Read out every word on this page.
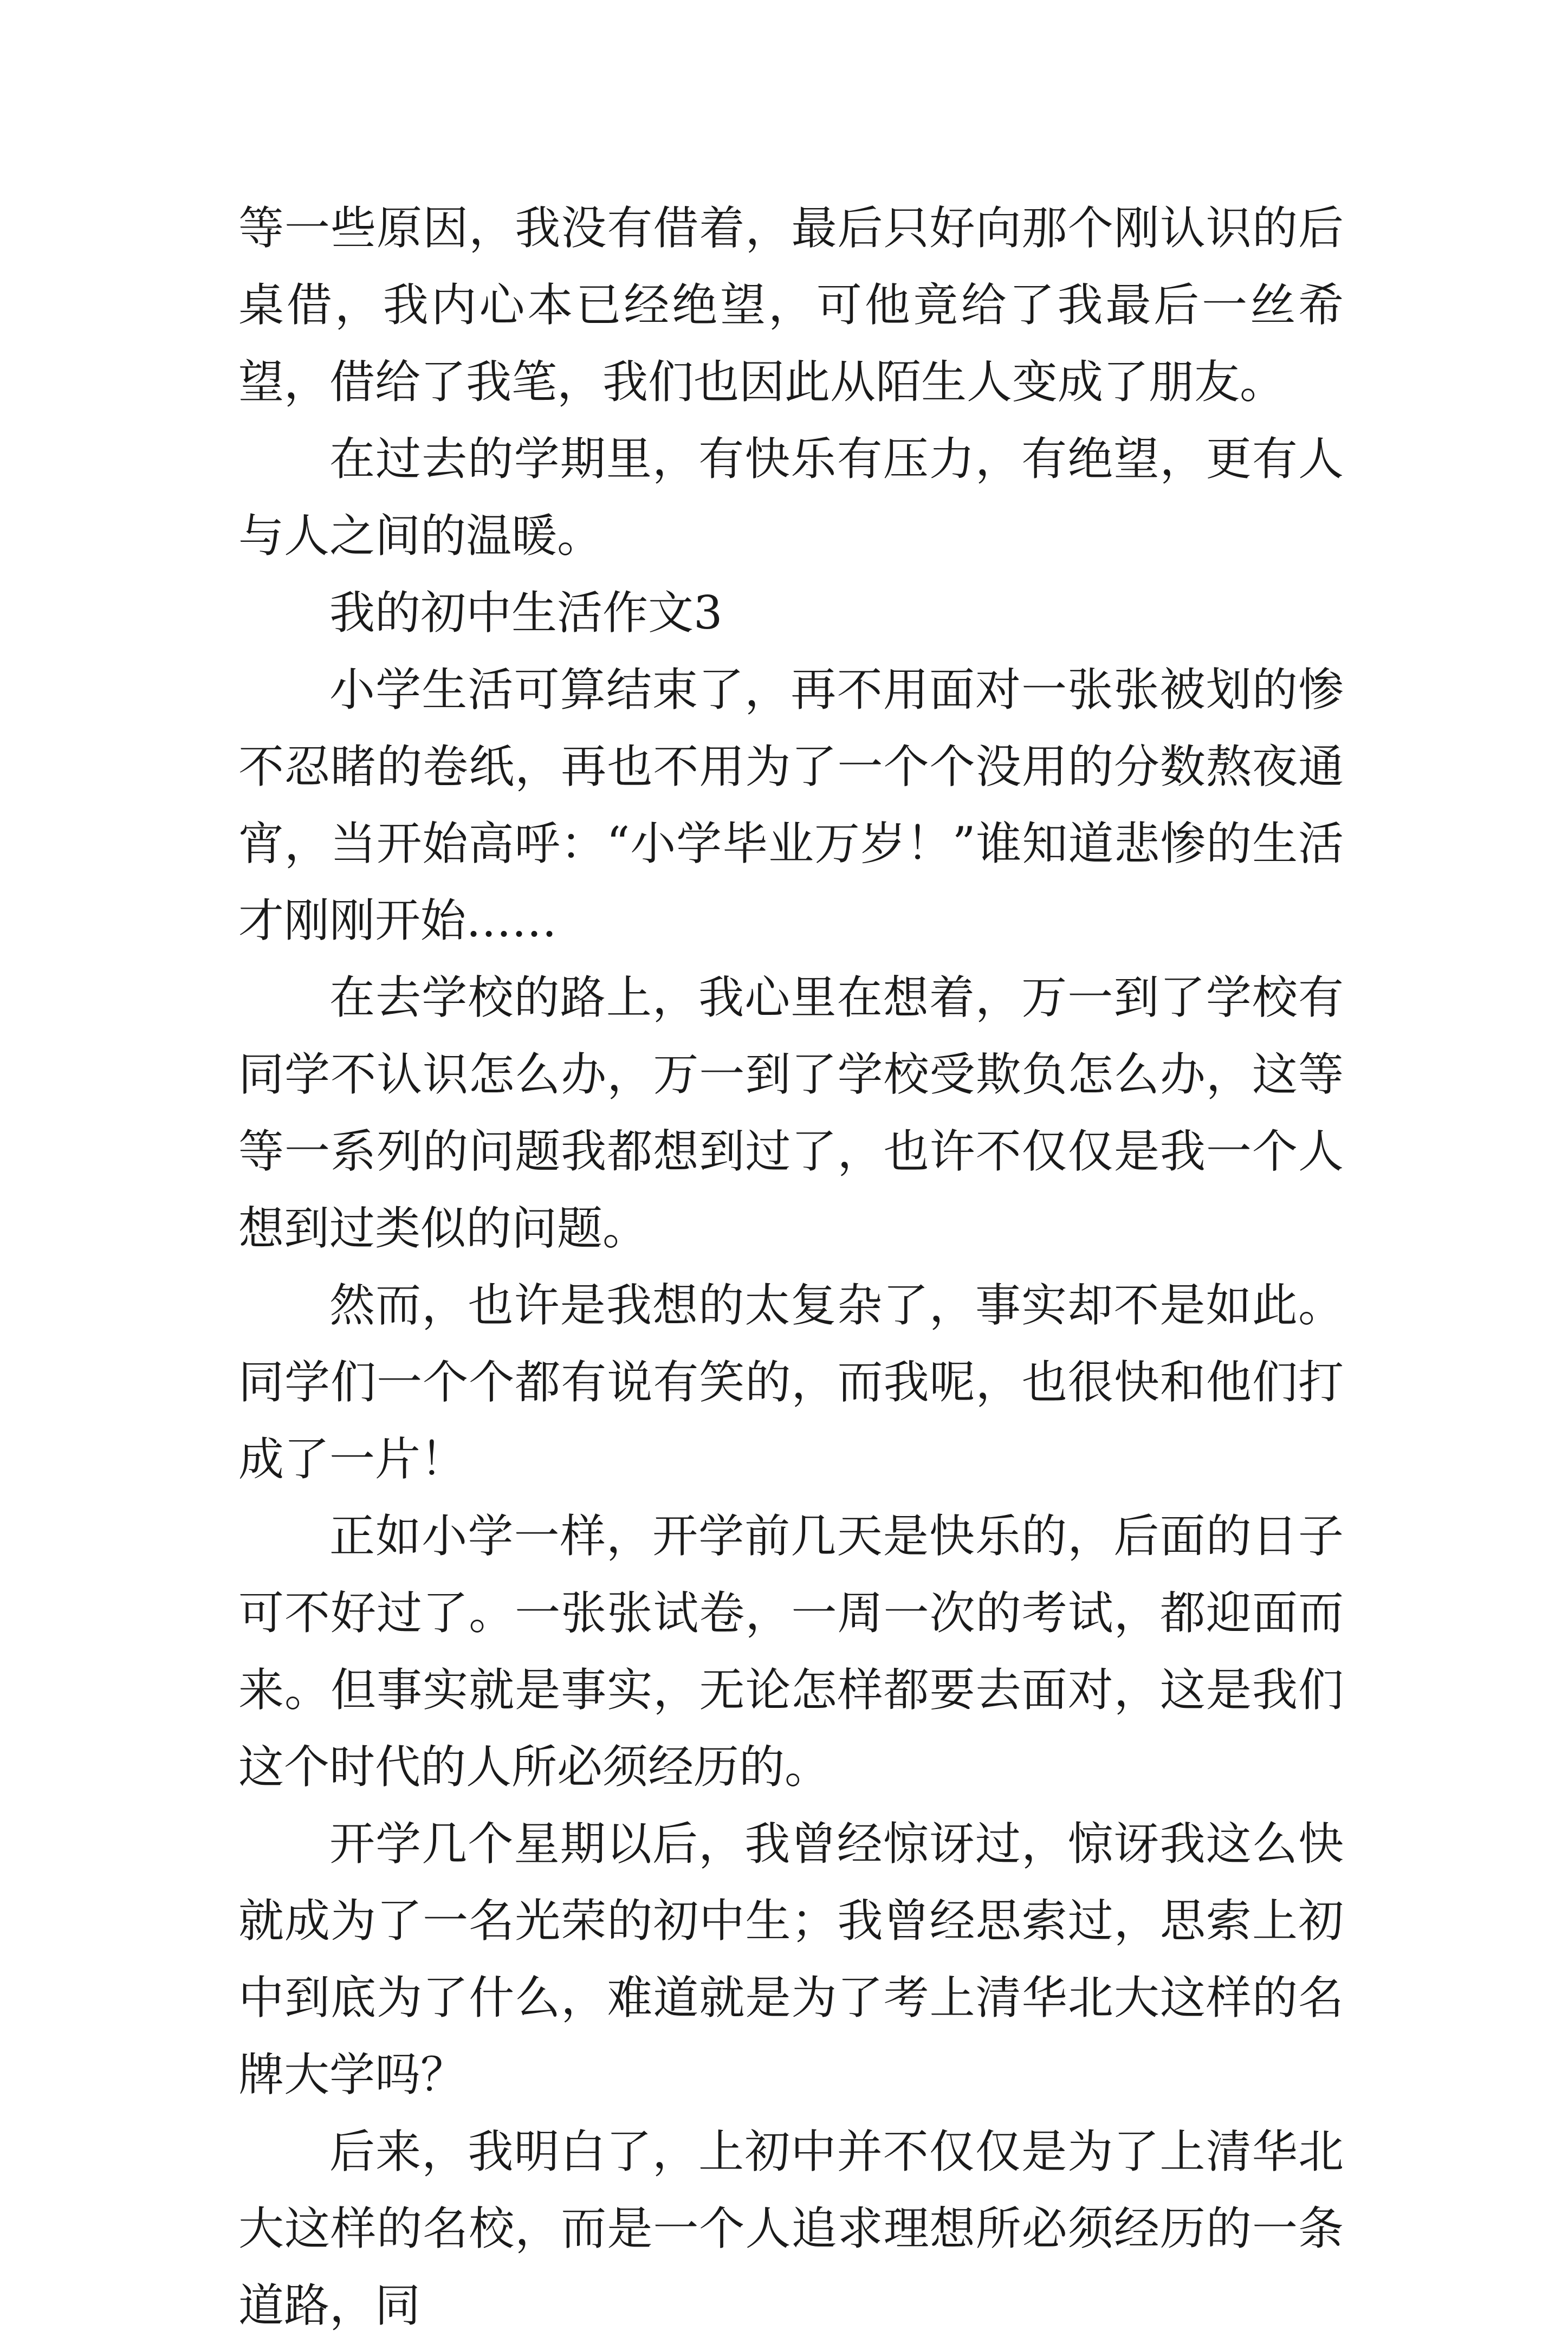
等一些原因，我没有借着，最后只好向那个刚认识的后桌借，我内心本已经绝望，可他竟给了我最后一丝希望，借给了我笔，我们也因此从陌生人变成了朋友。

在过去的学期里，有快乐有压力，有绝望，更有人与人之间的温暖。

我的初中生活作文3

小学生活可算结束了，再不用面对一张张被划的惨不忍睹的卷纸，再也不用为了一个个没用的分数熬夜通宵，当开始高呼：“小学毕业万岁！”谁知道悲惨的生活才刚刚开始……

在去学校的路上，我心里在想着，万一到了学校有同学不认识怎么办，万一到了学校受欺负怎么办，这等等一系列的问题我都想到过了，也许不仅仅是我一个人想到过类似的问题。

然而，也许是我想的太复杂了，事实却不是如此。同学们一个个都有说有笑的，而我呢，也很快和他们打成了一片！

正如小学一样，开学前几天是快乐的，后面的日子可不好过了。一张张试卷，一周一次的考试，都迎面而来。但事实就是事实，无论怎样都要去面对，这是我们这个时代的人所必须经历的。

开学几个星期以后，我曾经惊讶过，惊讶我这么快就成为了一名光荣的初中生；我曾经思索过，思索上初中到底为了什么，难道就是为了考上清华北大这样的名牌大学吗？

后来，我明白了，上初中并不仅仅是为了上清华北大这样的名校，而是一个人追求理想所必须经历的一条道路，同
